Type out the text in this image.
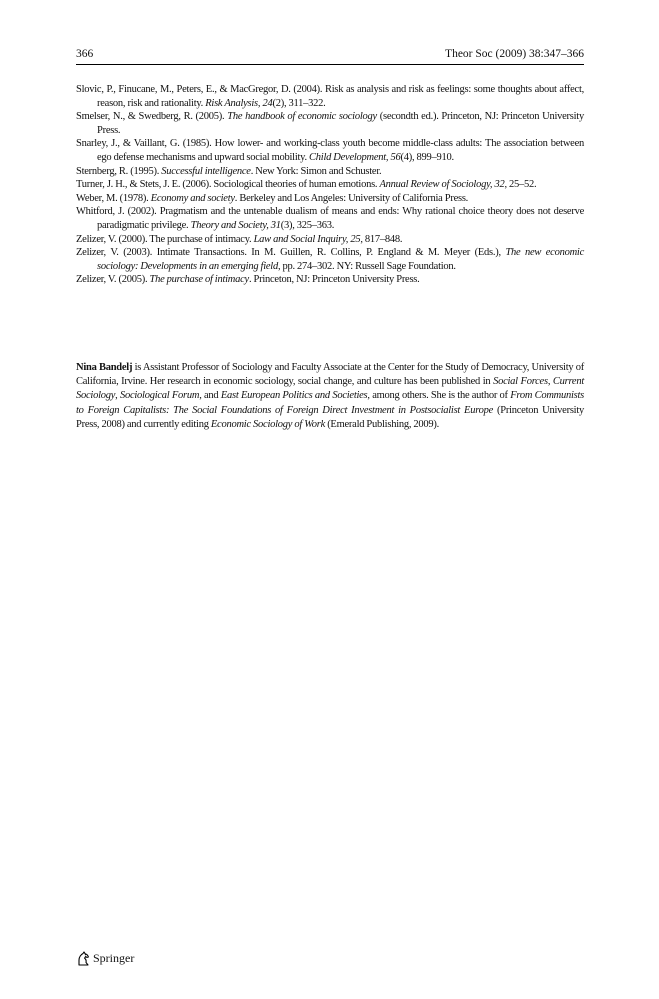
366	Theor Soc (2009) 38:347–366

Slovic, P., Finucane, M., Peters, E., & MacGregor, D. (2004). Risk as analysis and risk as feelings: some thoughts about affect, reason, risk and rationality. Risk Analysis, 24(2), 311–322.

Smelser, N., & Swedberg, R. (2005). The handbook of economic sociology (secondth ed.). Princeton, NJ: Princeton University Press.

Snarley, J., & Vaillant, G. (1985). How lower- and working-class youth become middle-class adults: The association between ego defense mechanisms and upward social mobility. Child Development, 56(4), 899–910.

Sternberg, R. (1995). Successful intelligence. New York: Simon and Schuster.

Turner, J. H., & Stets, J. E. (2006). Sociological theories of human emotions. Annual Review of Sociology, 32, 25–52.

Weber, M. (1978). Economy and society. Berkeley and Los Angeles: University of California Press.

Whitford, J. (2002). Pragmatism and the untenable dualism of means and ends: Why rational choice theory does not deserve paradigmatic privilege. Theory and Society, 31(3), 325–363.

Zelizer, V. (2000). The purchase of intimacy. Law and Social Inquiry, 25, 817–848.

Zelizer, V. (2003). Intimate Transactions. In M. Guillen, R. Collins, P. England & M. Meyer (Eds.), The new economic sociology: Developments in an emerging field, pp. 274–302. NY: Russell Sage Foundation.

Zelizer, V. (2005). The purchase of intimacy. Princeton, NJ: Princeton University Press.

Nina Bandelj is Assistant Professor of Sociology and Faculty Associate at the Center for the Study of Democracy, University of California, Irvine. Her research in economic sociology, social change, and culture has been published in Social Forces, Current Sociology, Sociological Forum, and East European Politics and Societies, among others. She is the author of From Communists to Foreign Capitalists: The Social Foundations of Foreign Direct Investment in Postsocialist Europe (Princeton University Press, 2008) and currently editing Economic Sociology of Work (Emerald Publishing, 2009).

Springer
